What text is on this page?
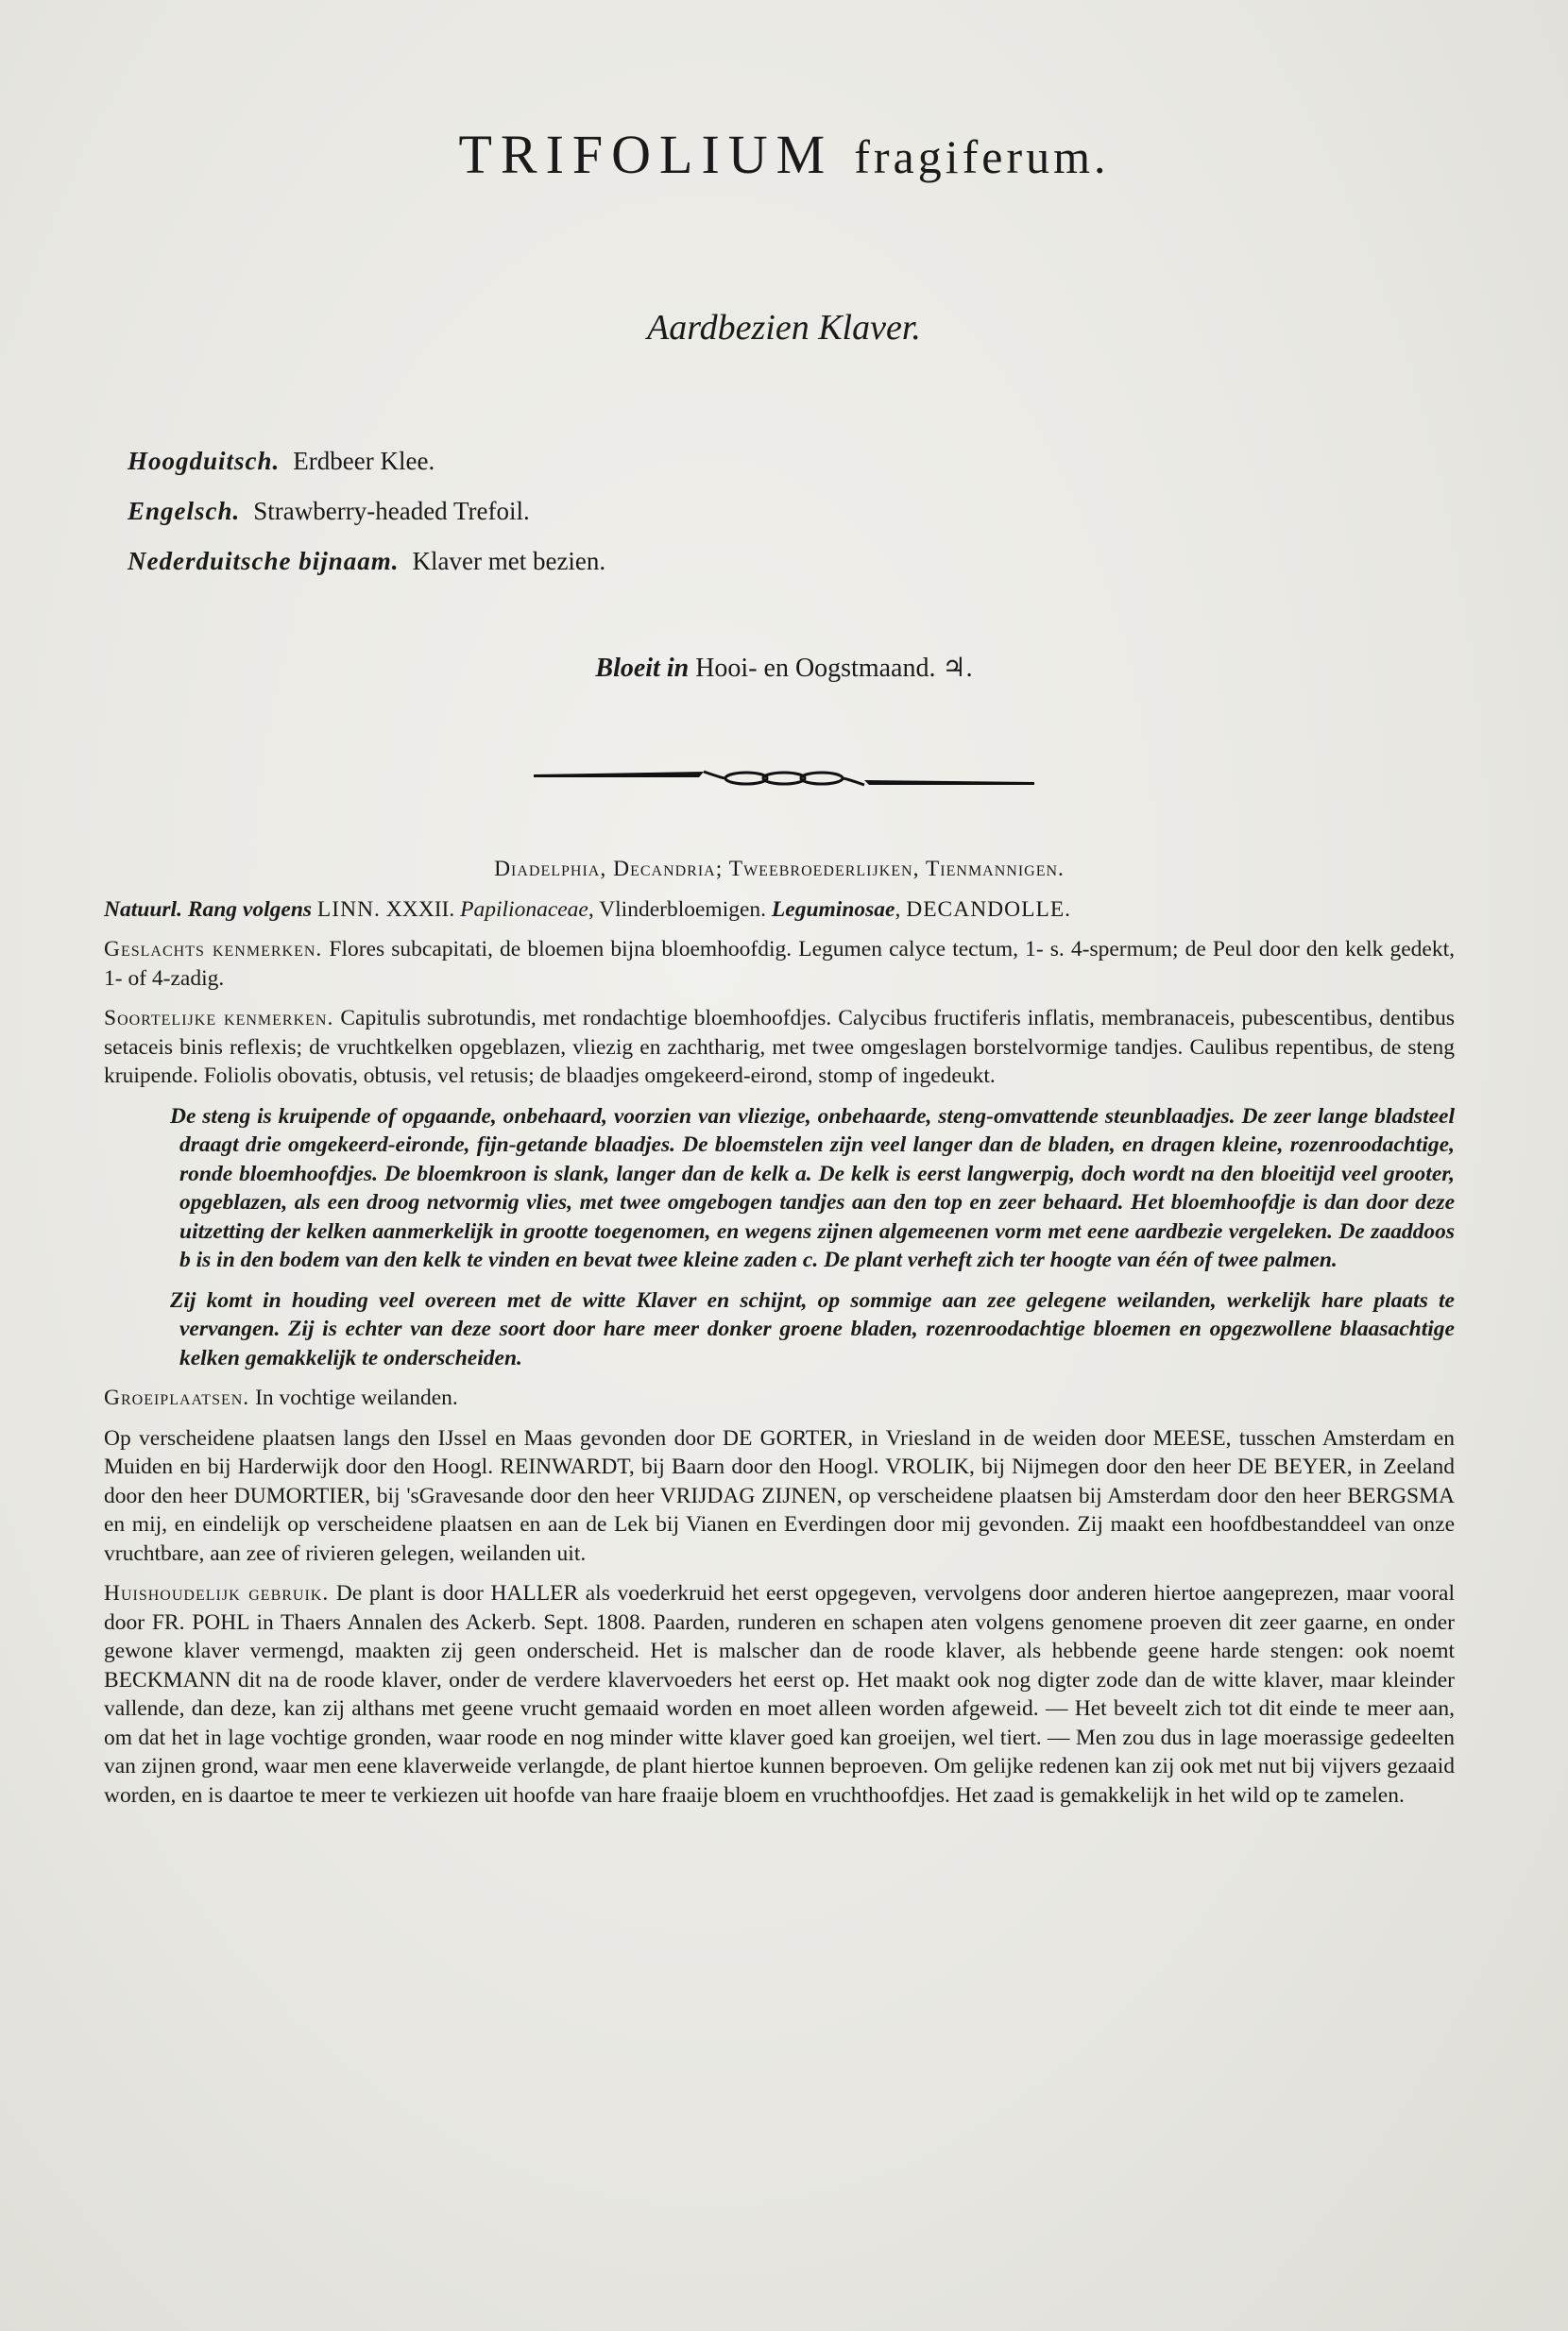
TRIFOLIUM fragiferum.
Aardbezien Klaver.
Hoogduitsch. Erdbeer Klee.
Engelsch. Strawberry-headed Trefoil.
Nederduitsche bijnaam. Klaver met bezien.
Bloeit in Hooi- en Oogstmaand. ♃.

Diadelphia, Decandria; Tweebroederlijken, Tienmannigen.

Natuurl. Rang volgens LINN. XXXII. Papilionaceae, Vlinderbloemigen. Leguminosae, DECANDOLLE.

Geslachts kenmerken. Flores subcapitati, de bloemen bijna bloemhoofdig. Legumen calyce tectum, 1- s. 4-spermum; de Peul door den kelk gedekt, 1- of 4-zadig.

Soortelijke kenmerken. Capitulis subrotundis, met rondachtige bloemhoofdjes. Calycibus fructiferis inflatis, membranaceis, pubescentibus, dentibus setaceis binis reflexis; de vruchtkelken opgeblazen, vliezig en zachtharig, met twee omgeslagen borstelvormige tandjes. Caulibus repentibus, de steng kruipende. Foliolis obovatis, obtusis, vel retusis; de blaadjes omgekeerd-eirond, stomp of ingedeukt.

De steng is kruipende of opgaande, onbehaard, voorzien van vliezige, onbehaarde, steng-omvattende steunblaadjes. De zeer lange bladsteel draagt drie omgekeerd-eironde, fijn-getande blaadjes. De bloemstelen zijn veel langer dan de bladen, en dragen kleine, rozenroodachtige, ronde bloemhoofdjes. De bloemkroon is slank, langer dan de kelk a. De kelk is eerst langwerpig, doch wordt na den bloeitijd veel grooter, opgeblazen, als een droog netvormig vlies, met twee omgebogen tandjes aan den top en zeer behaard. Het bloemhoofdje is dan door deze uitzetting der kelken aanmerkelijk in grootte toegenomen, en wegens zijnen algemeenen vorm met eene aardbezie vergeleken. De zaaddoos b is in den bodem van den kelk te vinden en bevat twee kleine zaden c. De plant verheft zich ter hoogte van één of twee palmen.

Zij komt in houding veel overeen met de witte Klaver en schijnt, op sommige aan zee gelegene weilanden, werkelijk hare plaats te vervangen. Zij is echter van deze soort door hare meer donker groene bladen, rozenroodachtige bloemen en opgezwollene blaasachtige kelken gemakkelijk te onderscheiden.

Groeiplaatsen. In vochtige weilanden.

Op verscheidene plaatsen langs den IJssel en Maas gevonden door DE GORTER, in Vriesland in de weiden door MEESE, tusschen Amsterdam en Muiden en bij Harderwijk door den Hoogl. REINWARDT, bij Baarn door den Hoogl. VROLIK, bij Nijmegen door den heer DE BEYER, in Zeeland door den heer DUMORTIER, bij 'sGravesande door den heer VRIJDAG ZIJNEN, op verscheidene plaatsen bij Amsterdam door den heer BERGSMA en mij, en eindelijk op verscheidene plaatsen en aan de Lek bij Vianen en Everdingen door mij gevonden. Zij maakt een hoofdbestanddeel van onze vruchtbare, aan zee of rivieren gelegen, weilanden uit.

Huishoudelijk gebruik. De plant is door HALLER als voederkruid het eerst opgegeven, vervolgens door anderen hiertoe aangeprezen, maar vooral door FR. POHL in Thaers Annalen des Ackerb. Sept. 1808. Paarden, runderen en schapen aten volgens genomene proeven dit zeer gaarne, en onder gewone klaver vermengd, maakten zij geen onderscheid. Het is malscher dan de roode klaver, als hebbende geene harde stengen: ook noemt BECKMANN dit na de roode klaver, onder de verdere klavervoeders het eerst op. Het maakt ook nog digter zode dan de witte klaver, maar kleinder vallende, dan deze, kan zij althans met geene vrucht gemaaid worden en moet alleen worden afgeweid. — Het beveelt zich tot dit einde te meer aan, om dat het in lage vochtige gronden, waar roode en nog minder witte klaver goed kan groeijen, wel tiert. — Men zou dus in lage moerassige gedeelten van zijnen grond, waar men eene klaverweide verlangde, de plant hiertoe kunnen beproeven. Om gelijke redenen kan zij ook met nut bij vijvers gezaaid worden, en is daartoe te meer te verkiezen uit hoofde van hare fraaije bloem en vruchthoofdjes. Het zaad is gemakkelijk in het wild op te zamelen.
